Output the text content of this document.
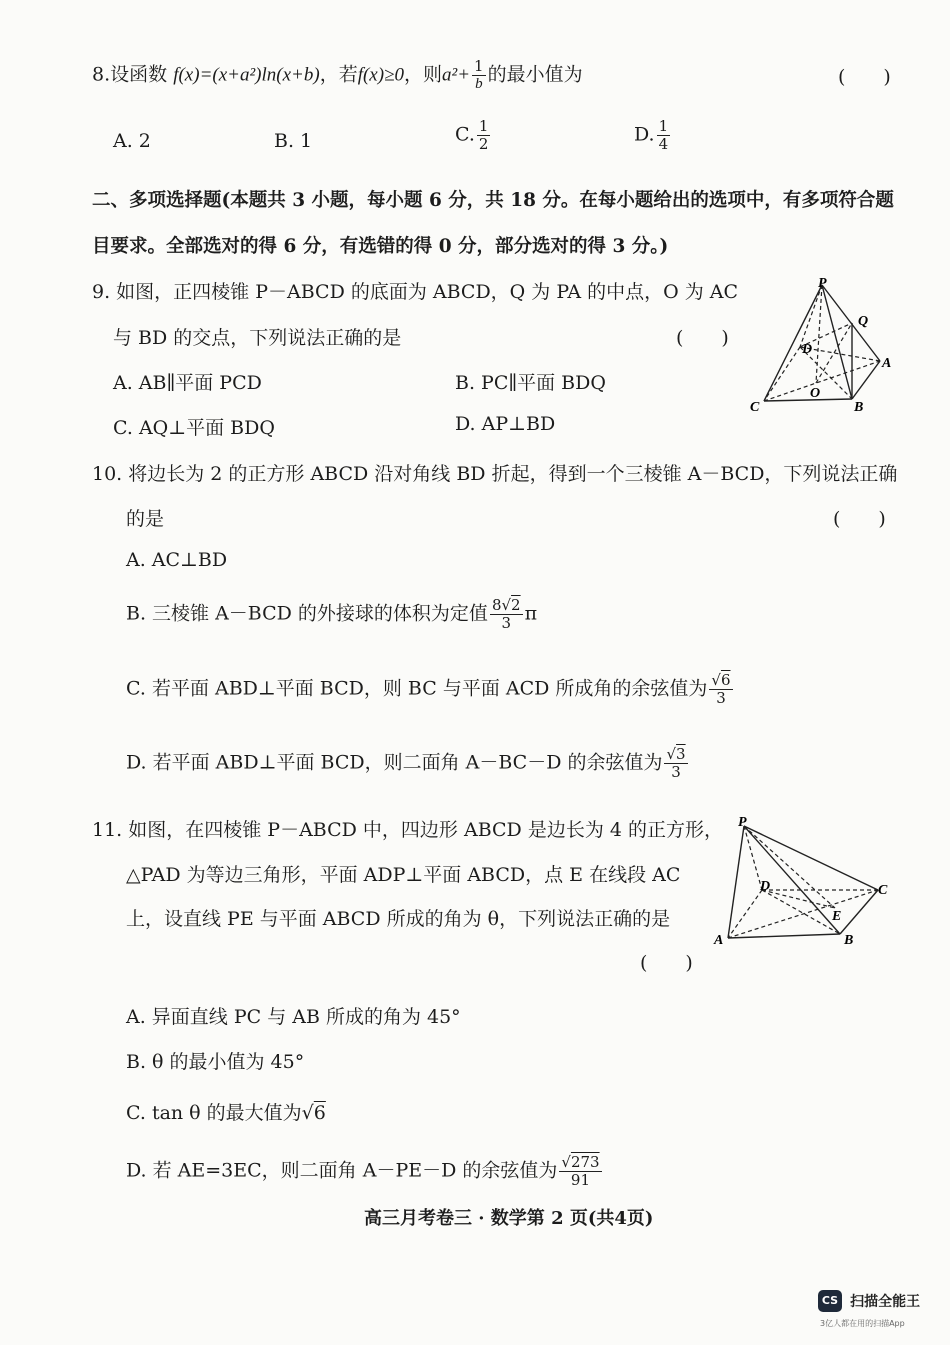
8.设函数 f(x)=(x+a²)ln(x+b)，若f(x)≥0，则$a^2+ \frac{1}{b}$ 的最小值为	(　　)
A. 2	B. 1	C. $\frac{1}{2}$	D. $\frac{1}{4}$
二、多项选择题(本题共 3 小题，每小题 6 分，共 18 分。在每小题给出的选项中，有多项符合题
目要求。全部选对的得 6 分，有选错的得 0 分，部分选对的得 3 分。)
9. 如图，正四棱锥 P－ABCD 的底面为 ABCD，Q 为 PA 的中点，O 为 AC
与 BD 的交点，下列说法正确的是	(　　)
A. AB∥平面 PCD	B. PC∥平面 BDQ
C. AQ⊥平面 BDQ	D. AP⊥BD
P
Q
D
A
O
C	B
10. 将边长为 2 的正方形 ABCD 沿对角线 BD 折起，得到一个三棱锥 A－BCD，下列说法正确
的是	(　　)
A. AC⊥BD
B. 三棱锥 A－BCD 的外接球的体积为定值 $\frac{8√2}{3}$ π
C. 若平面 ABD⊥平面 BCD，则 BC 与平面 ACD 所成角的余弦值为 $\frac{√6}{3}$
D. 若平面 ABD⊥平面 BCD，则二面角 A－BC－D 的余弦值为 $\frac{√3}{3}$
11. 如图，在四棱锥 P－ABCD 中，四边形 ABCD 是边长为 4 的正方形，
△PAD 为等边三角形，平面 ADP⊥平面 ABCD，点 E 在线段 AC
上，设直线 PE 与平面 ABCD 所成的角为 θ，下列说法正确的是
(　　)
P
D	C
E
A	B
A. 异面直线 PC 与 AB 所成的角为 45°
B. θ 的最小值为 45°
C. tan θ 的最大值为√6
D. 若 AE=3EC，则二面角 A－PE－D 的余弦值为 $\frac{√273}{91}$
高三月考卷三 · 数学第 2 页(共4页)
CS 扫描全能王
3亿人都在用的扫描App
